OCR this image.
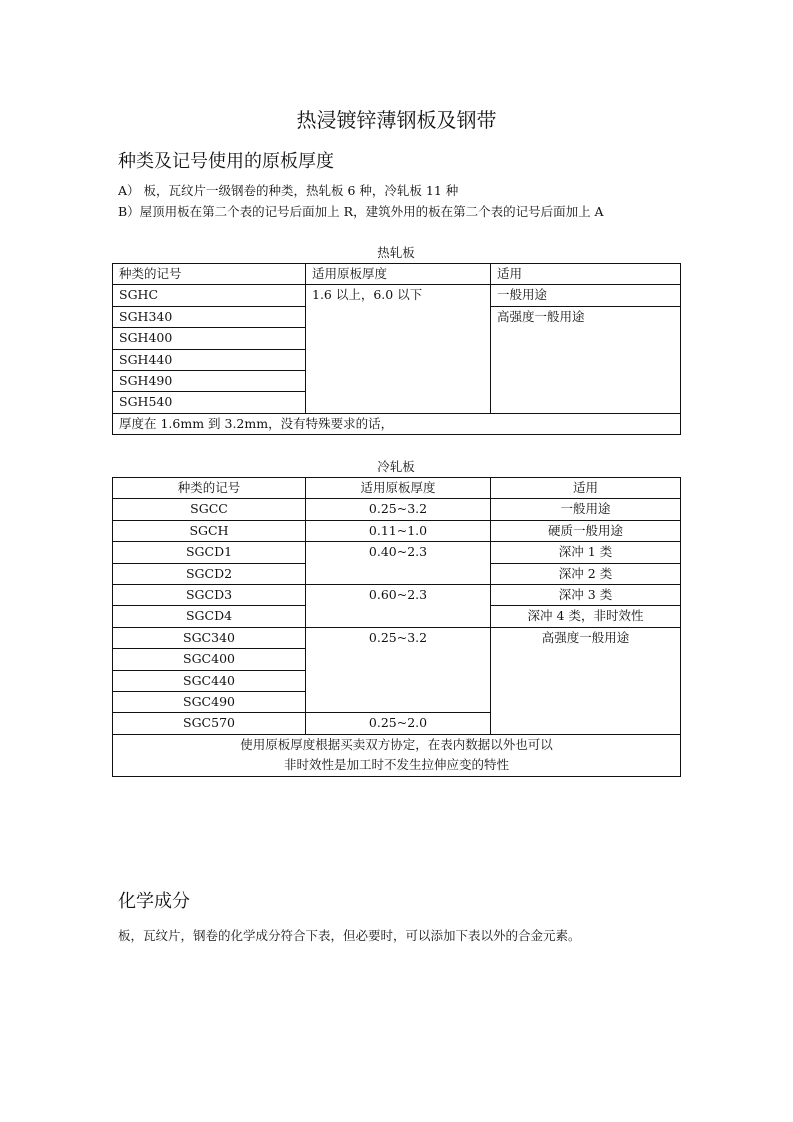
热浸镀锌薄钢板及钢带
种类及记号使用的原板厚度
A） 板，瓦纹片一级钢卷的种类，热轧板 6 种，冷轧板 11 种
B）屋顶用板在第二个表的记号后面加上 R，建筑外用的板在第二个表的记号后面加上 A
热轧板
种类的记号	适用原板厚度	适用
SGHC	1.6 以上，6.0 以下	一般用途
SGH340		高强度一般用途
SGH400		
SGH440		
SGH490		
SGH540		
厚度在 1.6mm 到 3.2mm，没有特殊要求的话，		
冷轧板
种类的记号	适用原板厚度	适用
SGCC	0.25~3.2	一般用途
SGCH	0.11~1.0	硬质一般用途
SGCD1	0.40~2.3	深冲 1 类
SGCD2		深冲 2 类
SGCD3	0.60~2.3	深冲 3 类
SGCD4		深冲 4 类，非时效性
SGC340	0.25~3.2	高强度一般用途
SGC400		
SGC440		
SGC490		
SGC570	0.25~2.0	

使用原板厚度根据买卖双方协定，在表内数据以外也可以
非时效性是加工时不发生拉伸应变的特性		
化学成分
板，瓦纹片，钢卷的化学成分符合下表，但必要时，可以添加下表以外的合金元素。
